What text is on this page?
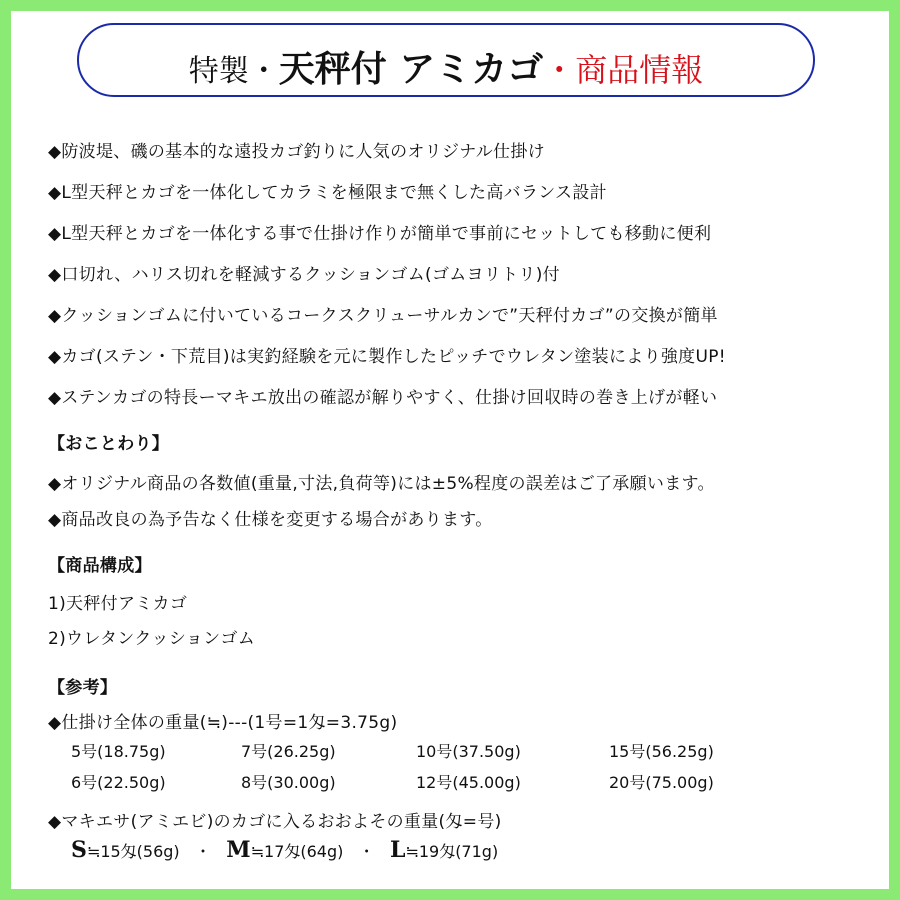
特製・天秤付 アミカゴ・商品情報
◆防波堤、磯の基本的な遠投カゴ釣りに人気のオリジナル仕掛け
◆L型天秤とカゴを一体化してカラミを極限まで無くした高バランス設計
◆L型天秤とカゴを一体化する事で仕掛け作りが簡単で事前にセットしても移動に便利
◆口切れ、ハリス切れを軽減するクッションゴム(ゴムヨリトリ)付
◆クッションゴムに付いているコークスクリューサルカンで”天秤付カゴ”の交換が簡単
◆カゴ(ステン・下荒目)は実釣経験を元に製作したピッチでウレタン塗装により強度UP!
◆ステンカゴの特長ーマキエ放出の確認が解りやすく、仕掛け回収時の巻き上げが軽い
【おことわり】
◆オリジナル商品の各数値(重量,寸法,負荷等)には±5%程度の誤差はご了承願います。
◆商品改良の為予告なく仕様を変更する場合があります。
【商品構成】
1)天秤付アミカゴ
2)ウレタンクッションゴム
【参考】
◆仕掛け全体の重量(≒)---(1号=1匁=3.75g)
5号(18.75g)	7号(26.25g)	10号(37.50g)	15号(56.25g)
6号(22.50g)	8号(30.00g)	12号(45.00g)	20号(75.00g)
◆マキエサ(アミエビ)のカゴに入るおおよその重量(匁=号)
S≒15匁(56g) ・ M≒17匁(64g) ・ L≒19匁(71g)
